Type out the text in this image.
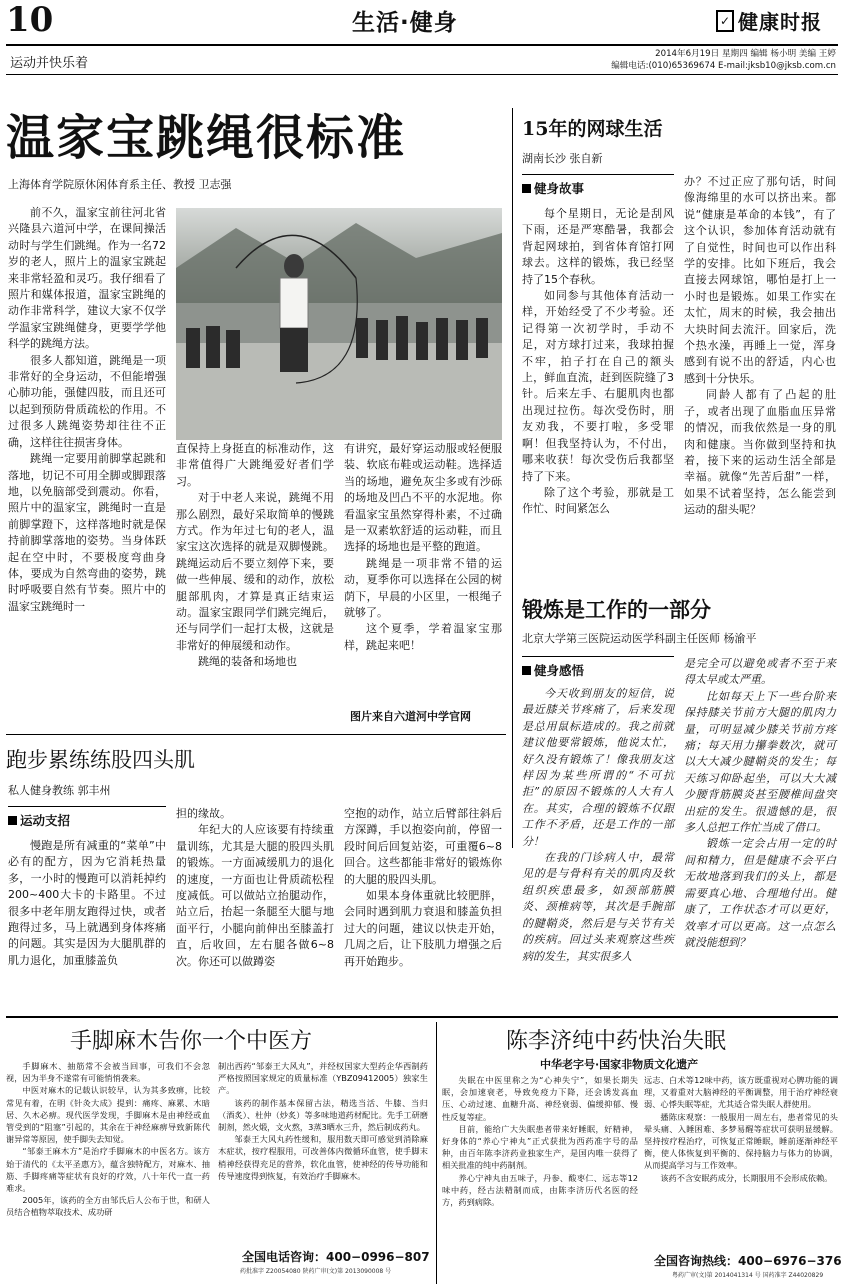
10	生活·健身	✓ 健康时报
运动并快乐着
2014年6月19日 星期四 编辑 杨小明 美编 王婷
编辑电话:(010)65369674 E-mail:jksb10@jksb.com.cn
温家宝跳绳很标准
上海体育学院原休闲体育系主任、教授 卫志强

前不久，温家宝前往河北省兴隆县六道河中学，在课间操活动时与学生们跳绳。作为一名72岁的老人，照片上的温家宝跳起来非常轻盈和灵巧。我仔细看了照片和媒体报道，温家宝跳绳的动作非常科学，建议大家不仅学学温家宝跳绳健身，更要学学他科学的跳绳方法。

很多人都知道，跳绳是一项非常好的全身运动，不但能增强心肺功能，强健四肢，而且还可以起到预防骨质疏松的作用。不过很多人跳绳姿势却往往不正确，这样往往损害身体。

跳绳一定要用前脚掌起跳和落地，切记不可用全脚或脚跟落地，以免脑部受到震动。你看，照片中的温家宝，跳绳时一直是前脚掌蹬下，这样落地时就是保持前脚掌落地的姿势。当身体跃起在空中时，不要极度弯曲身体，要成为自然弯曲的姿势，跳时呼吸要自然有节奏。照片中的温家宝跳绳时一

直保持上身挺直的标准动作，这非常值得广大跳绳爱好者们学习。

对于中老人来说，跳绳不用那么剧烈，最好采取简单的慢跳方式。作为年过七旬的老人，温家宝这次选择的就是双脚慢跳。跳绳运动后不要立刻停下来，要做一些伸展、缓和的动作，放松腿部肌肉，才算是真正结束运动。温家宝跟同学们跳完绳后，还与同学们一起打太极，这就是非常好的伸展缓和动作。

跳绳的装备和场地也

有讲究，最好穿运动服或轻便服装、软底布鞋或运动鞋。选择适当的场地，避免灰尘多或有沙砾的场地及凹凸不平的水泥地。你看温家宝虽然穿得朴素，不过确是一双素软舒适的运动鞋，而且选择的场地也是平整的跑道。

跳绳是一项非常不错的运动，夏季你可以选择在公园的树荫下，早晨的小区里，一根绳子就够了。

这个夏季，学着温家宝那样，跳起来吧！

图片来自六道河中学官网
15年的网球生活
湖南长沙 张自新
健身故事

每个星期日，无论是刮风下雨，还是严寒酷暑，我都会背起网球拍，到省体育馆打网球去。这样的锻炼，我已经坚持了15个春秋。

如同参与其他体育活动一样，开始经受了不少考验。还记得第一次初学时，手动不足，对方球打过来，我球拍握不牢，拍子打在自己的额头上，鲜血直流，赶到医院缝了3针。后来左手、右腿肌肉也都出现过拉伤。每次受伤时，朋友劝我，不要打啦，多受罪啊！但我坚持认为，不付出，哪来收获！每次受伤后我都坚持了下来。

除了这个考验，那就是工作忙、时间紧怎么

办？不过正应了那句话，时间像海绵里的水可以挤出来。都说“健康是革命的本钱”，有了这个认识，参加体育活动就有了自觉性，时间也可以作出科学的安排。比如下班后，我会直接去网球馆，哪怕是打上一小时也是锻炼。如果工作实在太忙，周末的时候，我会抽出大块时间去流汗。回家后，洗个热水澡，再睡上一觉，浑身感到有说不出的舒适，内心也感到十分快乐。

同龄人都有了凸起的肚子，或者出现了血脂血压异常的情况，而我依然是一身的肌肉和健康。当你做到坚持和执着，接下来的运动生活全部是幸福。就像“先苦后甜”一样，如果不试着坚持，怎么能尝到运动的甜头呢？

锻炼是工作的一部分
北京大学第三医院运动医学科副主任医师 杨渝平
健身感悟

今天收到朋友的短信，说最近膝关节疼痛了，后来发现是总用鼠标造成的。我之前就建议他要常锻炼，他说太忙，好久没有锻炼了！像我朋友这样因为某些所谓的“不可抗拒”的原因不锻炼的人大有人在。其实，合理的锻炼不仅跟工作不矛盾，还是工作的一部分！

在我的门诊病人中，最常见的是与骨科有关的肌肉及软组织疾患最多，如颈部筋膜炎、颈椎病等，其次是手腕部的腱鞘炎，然后是与关节有关的疾病。回过头来观察这些疾病的发生，其实很多人

是完全可以避免或者不至于来得太早或太严重。

比如每天上下一些台阶来保持膝关节前方大腿的肌肉力量，可明显减少膝关节前方疼痛；每天用力攥拳数次，就可以大大减少腱鞘炎的发生；每天练习仰卧起坐，可以大大减少腰背筋膜炎甚至腰椎间盘突出症的发生。很遗憾的是，很多人总把工作忙当成了借口。

锻炼一定会占用一定的时间和精力，但是健康不会平白无故地落到我们的头上，都是需要真心地、合理地付出。健康了，工作状态才可以更好，效率才可以更高。这一点怎么就没能想到？

跑步累练练股四头肌
私人健身教练 郭丰州
运动支招

慢跑是所有减重的“菜单”中必有的配方，因为它消耗热量多，一小时的慢跑可以消耗掉约200~400大卡的卡路里。不过很多中老年朋友跑得过快，或者跑得过多，马上就遇到身体疼痛的问题。其实是因为大腿肌群的肌力退化，加重膝盖负

担的缘故。

年纪大的人应该要有持续重量训练，尤其是大腿的股四头肌的锻炼。一方面减缓肌力的退化的速度，一方面也让骨质疏松程度减低。可以做站立抬腿动作，站立后，抬起一条腿至大腿与地面平行，小腿向前伸出至膝盖打直，后收回，左右腿各做6~8次。你还可以做蹲姿

空抱的动作，站立后臂部往斜后方深蹲，手以抱姿向前，停留一段时间后回复站姿，可重覆6~8回合。这些都能非常好的锻炼你的大腿的股四头肌。

如果本身体重就比较肥胖，会同时遇到肌力衰退和膝盖负担过大的问题，建议以快走开始，几周之后，让下肢肌力增强之后再开始跑步。

手脚麻木告你一个中医方

手脚麻木、抽筋常不会被当回事，可我们不会忽视，因为半身不遂常有可能悄悄袭来。

中医对麻木的记载认识较早，认为其多致痹，比较常见有着，在明《针灸大成》提到：痛疼、麻累、木暗居、久木必痹。现代医学发现，手脚麻木是由神经或血管受到的“阻塞”引起的，其余在于神经麻痹导致新陈代谢异常等原因，使手脚失去知觉。

“邹泰王麻木方”是治疗手脚麻木的中医名方。该方始于清代的《太平圣惠方》，蕴含独特配方，对麻木、抽筋、手脚疼痛等症状有良好的疗效，八十年代一直一药难求。

2005年，该药的全方由邹氏后人公布于世，和研人员结合植物萃取技术、成功研

制出西药“邹泰王大风丸”，并经权国家大型药企华西制药严格按照国家规定的质量标准（YBZ09412005）独家生产。

该药的制作基本保留古法，精选当活、牛膝、当归（酒炙）、杜仲（炒炙）等多味地道药材配比。先手工研磨制剂，然火煅，文火熬，3蒸3晒水三升，然后制成药丸。

邹泰王大风丸药性缓和，服用数天即可感觉到消除麻木症状，按疗程服用，可改善体内微循环血管，使手脚末梢神经获得充足的营养，软化血管，使神经的传导功能和传导速度得到恢复，有效治疗手脚麻木。

全国电话咨询：400−0996−807
药批准字 Z20054080 陕药广审(文)第 2013090008 号
陈李济纯中药快治失眠
中华老字号·国家非物质文化遗产

失眠在中医里称之为“心神失宁”，如果长期失眠，会加速衰老，导致免疫力下降，还会诱发高血压、心动过速、血糖升高、神经衰弱、偏缓抑郁、慢性反复等症。

目前，能给广大失眠患者带来好睡眠，好精神，好身体的“养心宁神丸”正式获批为西药准字号的品种，由百年陈李济药业独家生产，是国内唯一获得了相关批准的纯中药制剂。

养心宁神丸由五味子，丹参、酸枣仁、远志等12味中药，经古法精制而成，由陈李济历代名医的经方，药到病除。

远志、白术等12味中药，该方既重视对心脾功能的调理，又着重对大脑神经的平衡调整，用于治疗神经衰弱、心悸失眠等症，尤其适合常失眠人群使用。

播陈床观察：一般服用一周左右，患者常见的头晕头痛、入睡困难、多梦易醒等症状可获明显缓解。坚持按疗程治疗，可恢复正常睡眠，睡前逐渐神经平衡，使人体恢复到平衡的、保持脑力与体力的协调，从而提高学习与工作效率。

该药不含安眠药成分，长期服用不会形成依赖。

全国咨询热线：400−6976−376
粤药广审(文)第 2014041314 号 国药准字 Z44020829
